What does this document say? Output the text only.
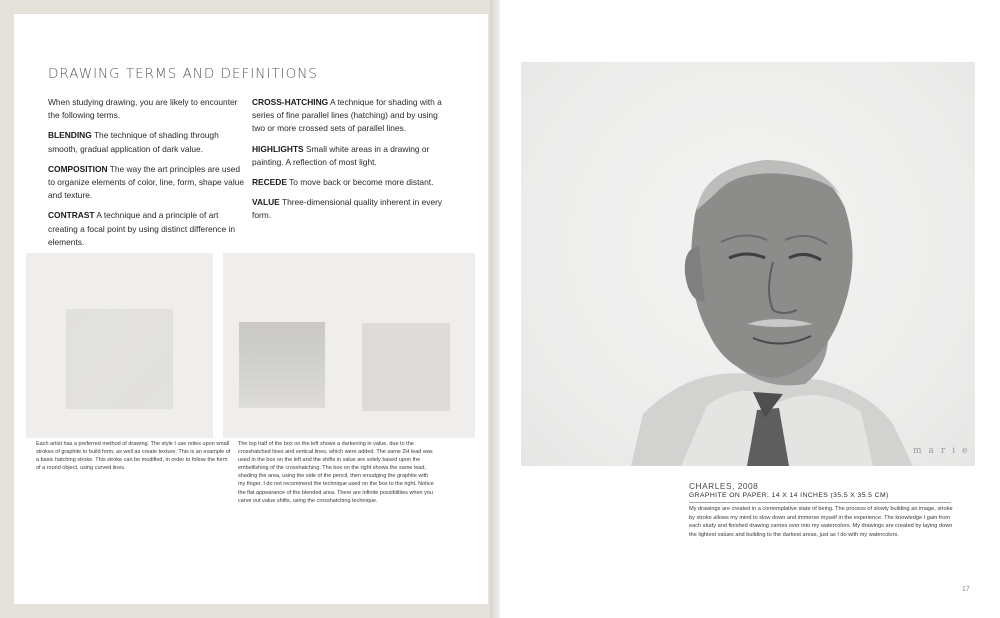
DRAWING TERMS AND DEFINITIONS

When studying drawing, you are likely to encounter the following terms.

BLENDING The technique of shading through smooth, gradual application of dark value.

COMPOSITION The way the art principles are used to organize elements of color, line, form, shape value and texture.

CONTRAST A technique and a principle of art creating a focal point by using distinct difference in elements.

CROSS-HATCHING A technique for shading with a series of fine parallel lines (hatching) and by using two or more crossed sets of parallel lines.

HIGHLIGHTS Small white areas in a drawing or painting. A reflection of most light.

RECEDE To move back or become more distant.

VALUE Three-dimensional quality inherent in every form.

Each artist has a preferred method of drawing. The style I use relies upon small strokes of graphite to build form, as well as create texture. This is an example of a basic hatching stroke. This stroke can be modified, in order to follow the form of a round object, using curved lines.
The top half of the box on the left shows a darkening in value, due to the crosshatched lines and vertical lines, which were added. The same 2H lead was used in the box on the left and the shifts in value are solely based upon the embellishing of the crosshatching. The box on the right shows the same lead, shading the area, using the side of the pencil, then smudging the graphite with my finger. I do not recommend the technique used on the box to the right. Notice the flat appearance of the blended area. There are infinite possibilities when you carve out value shifts, using the crosshatching technique.
marie
CHARLES, 2008
GRAPHITE ON PAPER, 14 X 14 INCHES (35.5 X 35.5 CM)
My drawings are created in a contemplative state of being. The process of slowly building an image, stroke by stroke allows my mind to slow down and immerse myself in the experience. The knowledge I gain from each study and finished drawing carries over into my watercolors. My drawings are created by laying down the lightest values and building to the darkest areas, just as I do with my watercolors.
17
